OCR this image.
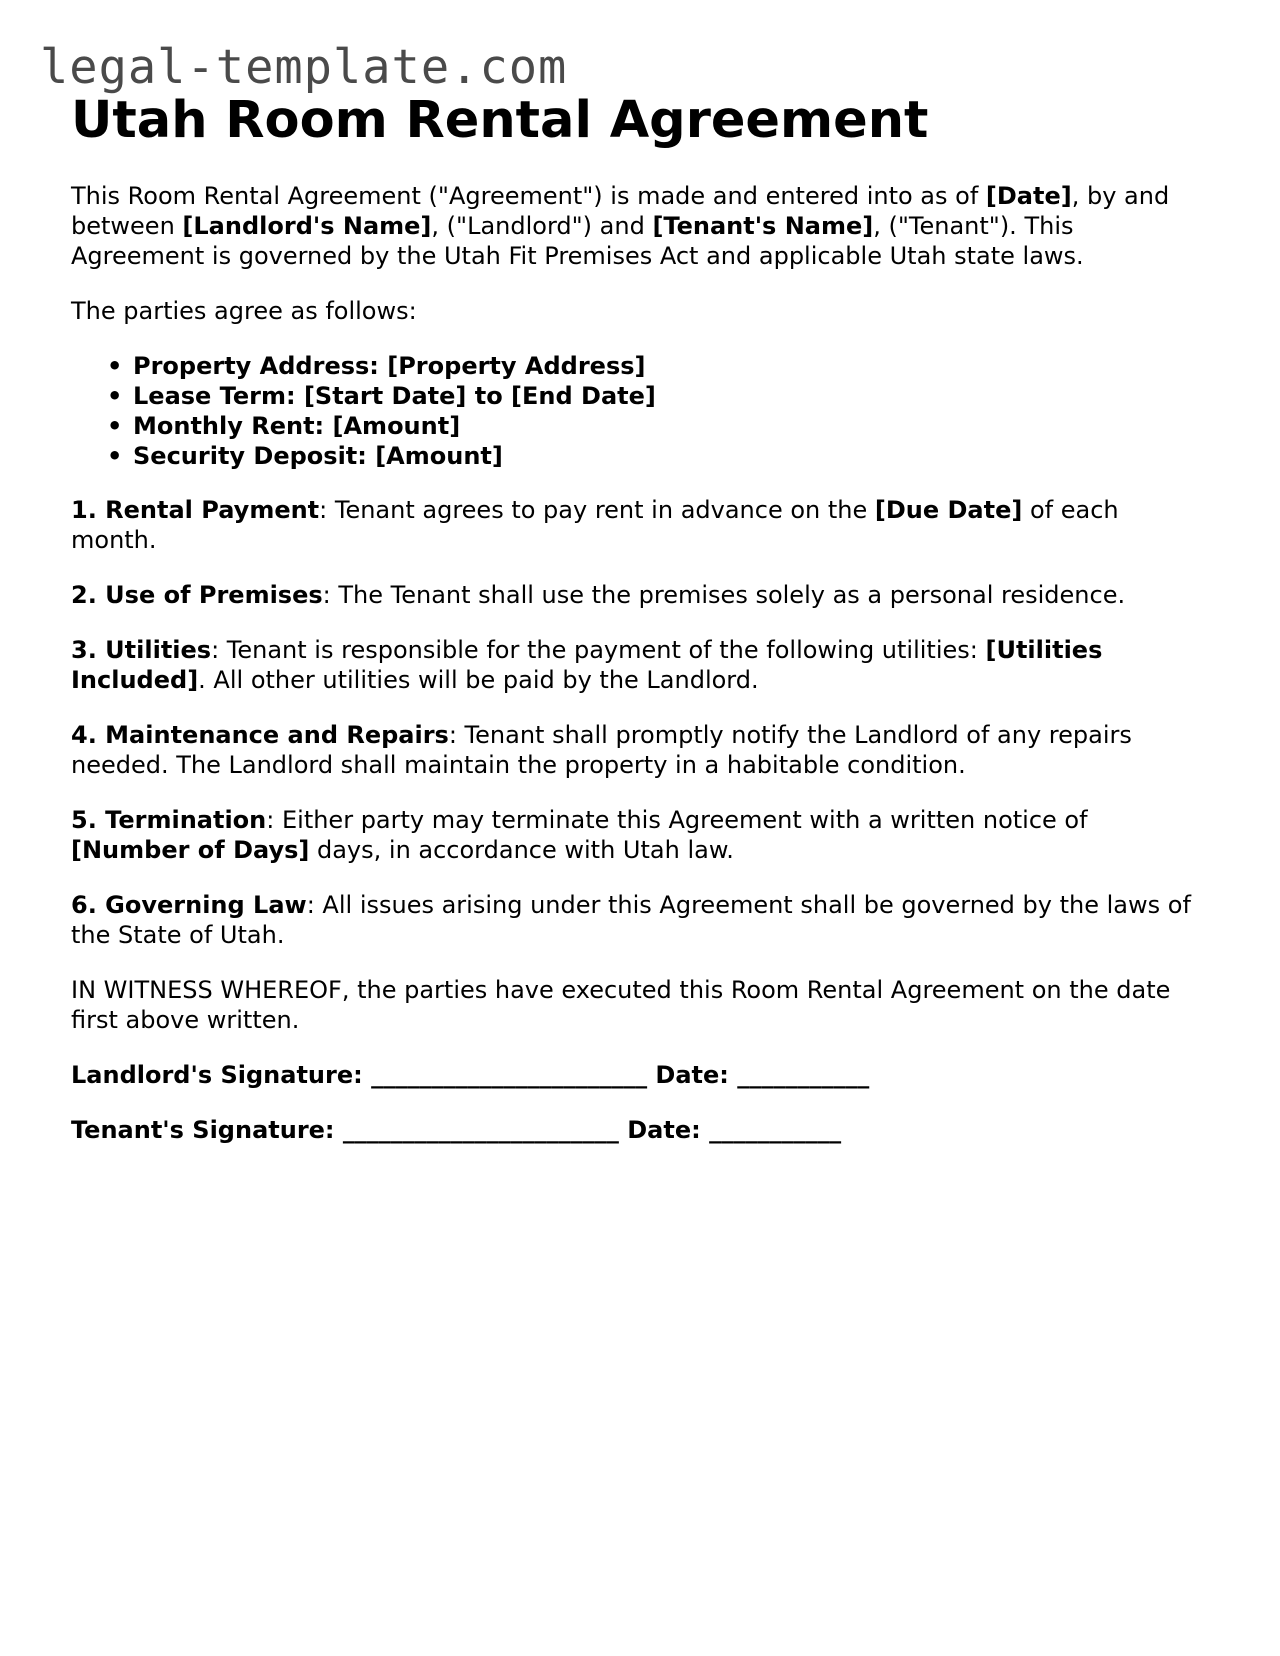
legal-template.com
Utah Room Rental Agreement

This Room Rental Agreement ("Agreement") is made and entered into as of [Date], by and between [Landlord's Name], ("Landlord") and [Tenant's Name], ("Tenant"). This Agreement is governed by the Utah Fit Premises Act and applicable Utah state laws.

The parties agree as follows:

• Property Address: [Property Address]
• Lease Term: [Start Date] to [End Date]
• Monthly Rent: [Amount]
• Security Deposit: [Amount]

1. Rental Payment: Tenant agrees to pay rent in advance on the [Due Date] of each month.

2. Use of Premises: The Tenant shall use the premises solely as a personal residence.

3. Utilities: Tenant is responsible for the payment of the following utilities: [Utilities Included]. All other utilities will be paid by the Landlord.

4. Maintenance and Repairs: Tenant shall promptly notify the Landlord of any repairs needed. The Landlord shall maintain the property in a habitable condition.

5. Termination: Either party may terminate this Agreement with a written notice of [Number of Days] days, in accordance with Utah law.

6. Governing Law: All issues arising under this Agreement shall be governed by the laws of the State of Utah.

IN WITNESS WHEREOF, the parties have executed this Room Rental Agreement on the date first above written.

Landlord's Signature: _______________________ Date: ___________

Tenant's Signature: _______________________ Date: ___________
